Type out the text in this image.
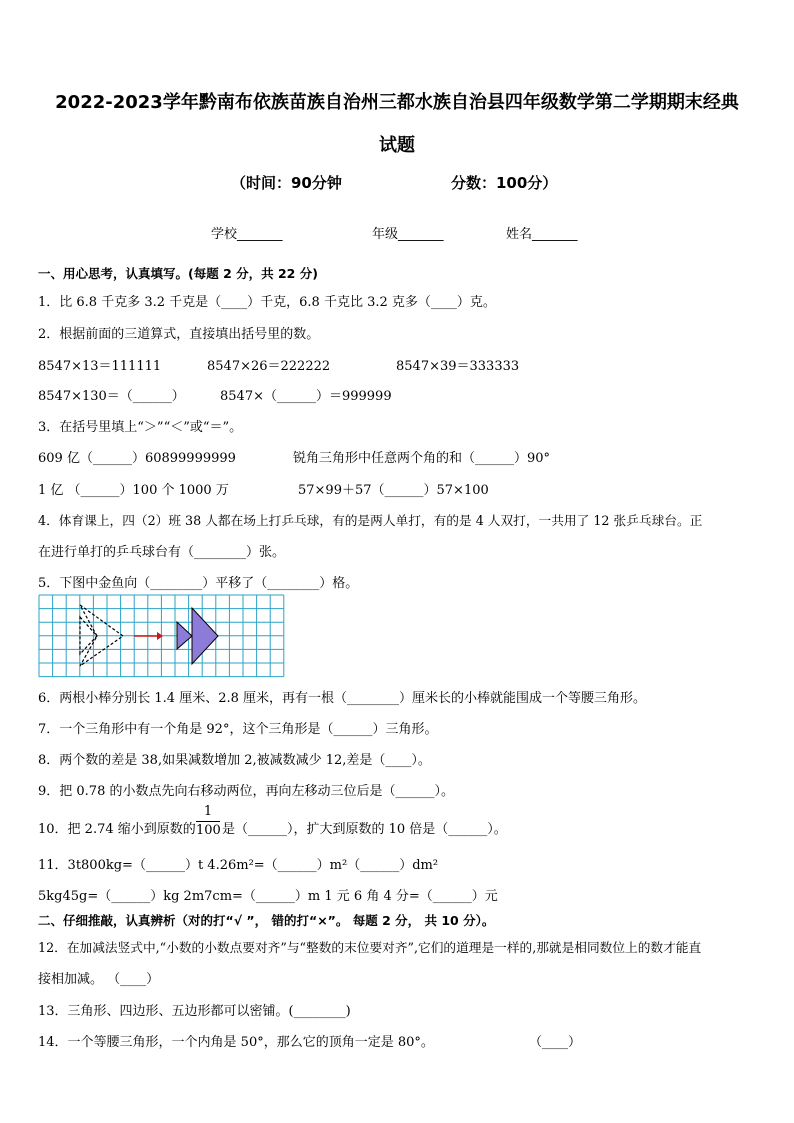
2022-2023学年黔南布依族苗族自治州三都水族自治县四年级数学第二学期期末经典
试题
（时间：90分钟	分数：100分）
学校_______	年级_______	姓名_______
一、用心思考，认真填写。(每题 2 分，共 22 分)
1．比 6.8 千克多 3.2 千克是（____）千克，6.8 千克比 3.2 克多（____）克。
2．根据前面的三道算式，直接填出括号里的数。
8547×13＝111111	8547×26＝222222	8547×39＝333333
8547×130＝（______）	8547×（______）＝999999
3．在括号里填上“＞”“＜”或“＝”。
609 亿（______）60899999999	锐角三角形中任意两个角的和（______）90°
1 亿 （______）100 个 1000 万	57×99＋57（______）57×100
4．体育课上，四（2）班 38 人都在场上打乒乓球，有的是两人单打，有的是 4 人双打，一共用了 12 张乒乓球台。正
在进行单打的乒乓球台有（________）张。
5．下图中金鱼向（________）平移了（________）格。
6．两根小棒分别长 1.4 厘米、2.8 厘米，再有一根（________）厘米长的小棒就能围成一个等腰三角形。
7．一个三角形中有一个角是 92°，这个三角形是（______）三角形。
8．两个数的差是 38,如果减数增加 2,被减数减少 12,差是（____）。
9．把 0.78 的小数点先向右移动两位，再向左移动三位后是（______）。
10．把 2.74 缩小到原数的
1
100 是（______），扩大到原数的 10 倍是（______）。
11．3t800kg=（______）t 4.26m²=（______）m²（______）dm²
5kg45g=（______）kg 2m7cm=（______）m 1 元 6 角 4 分=（______）元
二、仔细推敲，认真辨析（对的打“√ ”， 错的打“×”。 每题 2 分， 共 10 分）。
12．在加减法竖式中,“小数的小数点要对齐”与“整数的末位要对齐”,它们的道理是一样的,那就是相同数位上的数才能直
接相加减。 （____）
13．三角形、四边形、五边形都可以密铺。(________)
14．一个等腰三角形，一个内角是 50°，那么它的顶角一定是 80°。	（____）
